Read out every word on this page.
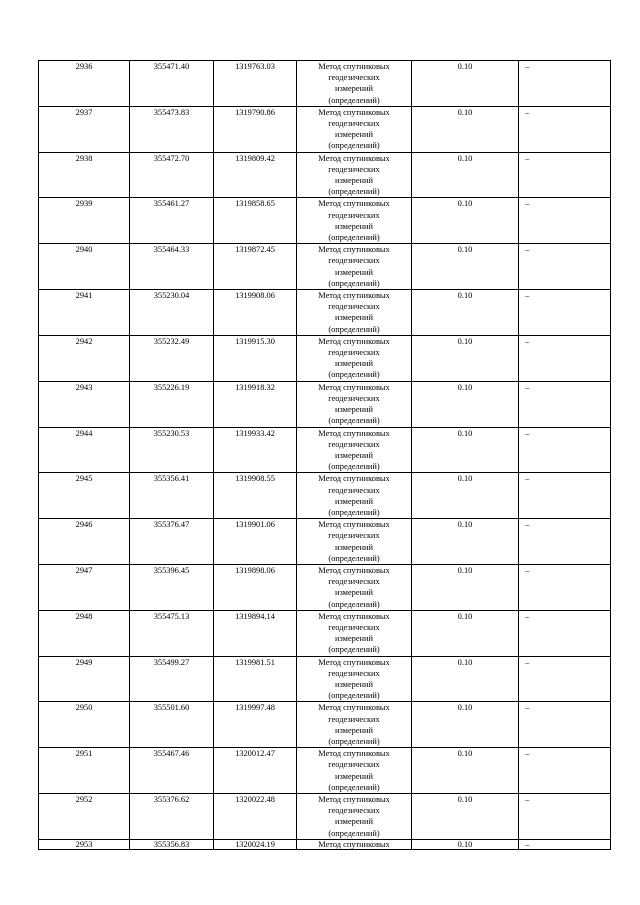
2936	355471.40	1319763.03	Метод спутниковых
геодезических
измерений
(определений)	0.10	–
2937	355473.83	1319790.86	Метод спутниковых
геодезических
измерений
(определений)	0.10	–
2938	355472.70	1319809.42	Метод спутниковых
геодезических
измерений
(определений)	0.10	–
2939	355461.27	1319858.65	Метод спутниковых
геодезических
измерений
(определений)	0.10	–
2940	355464.33	1319872.45	Метод спутниковых
геодезических
измерений
(определений)	0.10	–
2941	355230.04	1319908.06	Метод спутниковых
геодезических
измерений
(определений)	0.10	–
2942	355232.49	1319915.30	Метод спутниковых
геодезических
измерений
(определений)	0.10	–
2943	355226.19	1319918.32	Метод спутниковых
геодезических
измерений
(определений)	0.10	–
2944	355230.53	1319933.42	Метод спутниковых
геодезических
измерений
(определений)	0.10	–
2945	355356.41	1319908.55	Метод спутниковых
геодезических
измерений
(определений)	0.10	–
2946	355376.47	1319901.06	Метод спутниковых
геодезических
измерений
(определений)	0.10	–
2947	355396.45	1319898.06	Метод спутниковых
геодезических
измерений
(определений)	0.10	–
2948	355475.13	1319894.14	Метод спутниковых
геодезических
измерений
(определений)	0.10	–
2949	355499.27	1319981.51	Метод спутниковых
геодезических
измерений
(определений)	0.10	–
2950	355501.60	1319997.48	Метод спутниковых
геодезических
измерений
(определений)	0.10	–
2951	355467.46	1320012.47	Метод спутниковых
геодезических
измерений
(определений)	0.10	–
2952	355376.62	1320022.48	Метод спутниковых
геодезических
измерений
(определений)	0.10	–
2953	355356.83	1320024.19	Метод спутниковых	0.10	–
